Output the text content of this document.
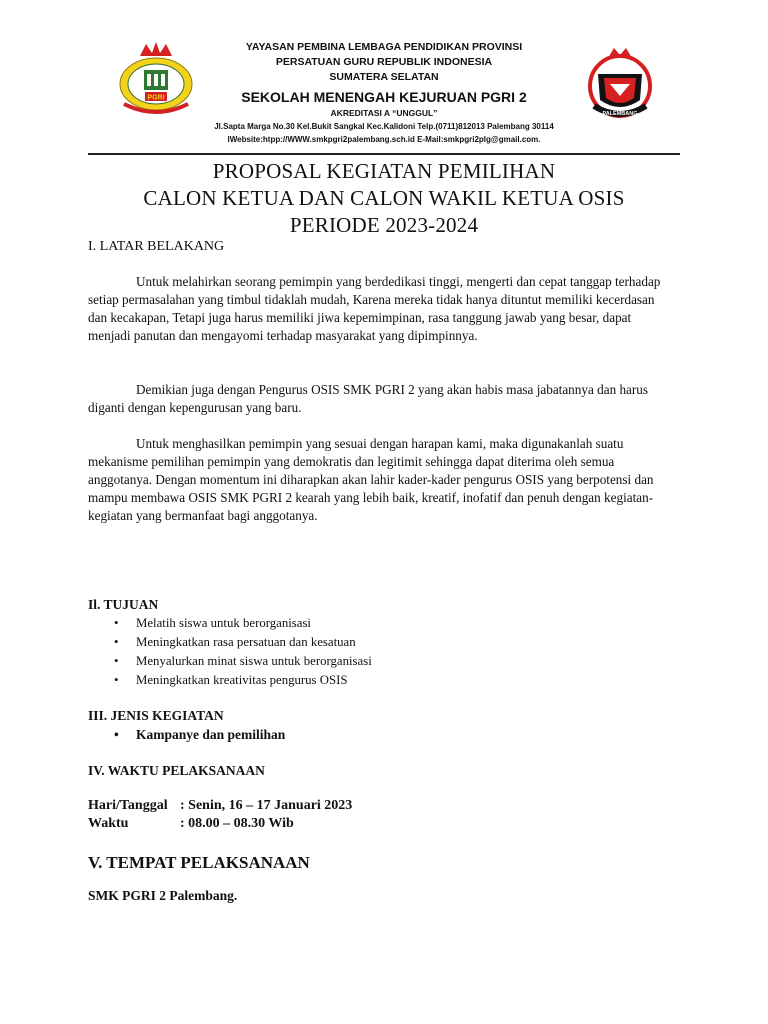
PGRI
YAYASAN PEMBINA LEMBAGA PENDIDIKAN PROVINSI
PERSATUAN GURU REPUBLIK INDONESIA
SUMATERA SELATAN
SEKOLAH MENENGAH KEJURUAN PGRI 2
AKREDITASI A “UNGGUL”
Jl.Sapta Marga No.30 Kel.Bukit Sangkal Kec.Kalidoni Telp.(0711)812013 Palembang 30114
lWebsite:htpp://WWW.smkpgri2palembang.sch.id E-Mail:smkpgri2plg@gmail.com.
PALEMBANG
PROPOSAL KEGIATAN PEMILIHAN
CALON KETUA DAN CALON WAKIL KETUA OSIS
PERIODE 2023-2024
I. LATAR BELAKANG

Untuk melahirkan seorang pemimpin yang berdedikasi tinggi, mengerti dan cepat tanggap terhadap setiap permasalahan yang timbul tidaklah mudah, Karena mereka tidak hanya dituntut memiliki kecerdasan dan kecakapan, Tetapi juga harus memiliki jiwa kepemimpinan, rasa tanggung jawab yang besar, dapat menjadi panutan dan mengayomi terhadap masyarakat yang dipimpinnya.

Demikian juga dengan Pengurus OSIS SMK PGRI 2 yang akan habis masa jabatannya dan harus diganti dengan kepengurusan yang baru.

Untuk menghasilkan pemimpin yang sesuai dengan harapan kami, maka digunakanlah suatu mekanisme pemilihan pemimpin yang demokratis dan legitimit sehingga dapat diterima oleh semua anggotanya. Dengan momentum ini diharapkan akan lahir kader-kader pengurus OSIS yang berpotensi dan mampu membawa OSIS SMK PGRI 2 kearah yang lebih baik, kreatif, inofatif dan penuh dengan kegiatan-kegiatan yang bermanfaat bagi anggotanya.

Il. TUJUAN
• Melatih siswa untuk berorganisasi
• Meningkatkan rasa persatuan dan kesatuan
• Menyalurkan minat siswa untuk berorganisasi
• Meningkatkan kreativitas pengurus OSIS
III. JENIS KEGIATAN
• Kampanye dan pemilihan
IV. WAKTU PELAKSANAAN
Hari/Tanggal : Senin, 16 – 17 Januari 2023
Waktu	: 08.00 – 08.30 Wib
V. TEMPAT PELAKSANAAN
SMK PGRI 2 Palembang.
